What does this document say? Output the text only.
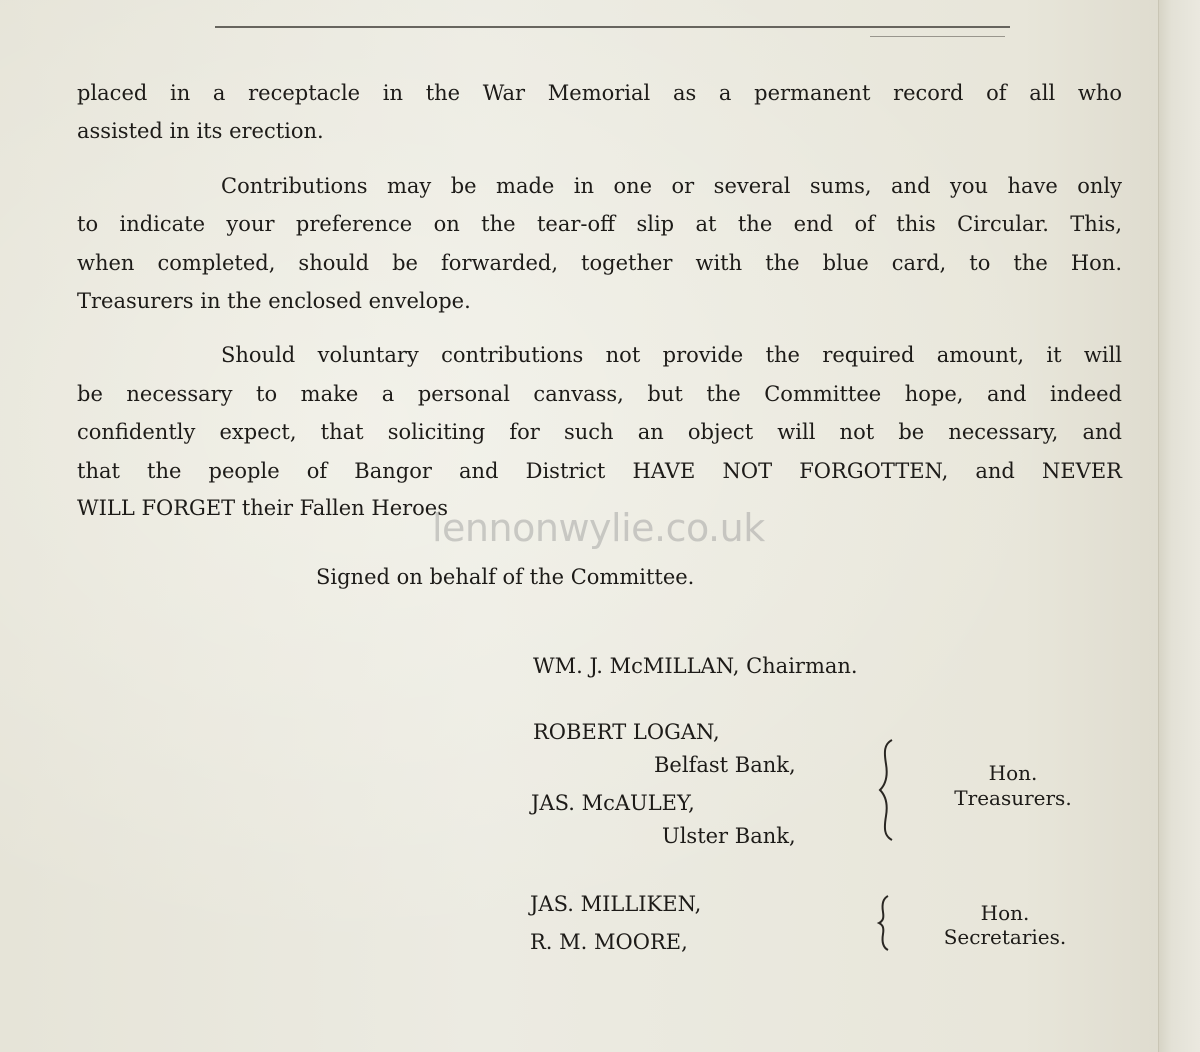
placed in a receptacle in the War Memorial as a permanent record of all who
assisted in its erection.
Contributions may be made in one or several sums, and you have only
to indicate your preference on the tear-off slip at the end of this Circular. This,
when completed, should be forwarded, together with the blue card, to the Hon.
Treasurers in the enclosed envelope.
Should voluntary contributions not provide the required amount, it will
be necessary to make a personal canvass, but the Committee hope, and indeed
confidently expect, that soliciting for such an object will not be necessary, and
that the people of Bangor and District HAVE NOT FORGOTTEN, and NEVER
WILL FORGET their Fallen Heroes
lennonwylie.co.uk
Signed on behalf of the Committee.
WM. J. McMILLAN, Chairman.
ROBERT LOGAN,
Belfast Bank,
JAS. McAULEY,
Ulster Bank,
Hon.
Treasurers.
JAS. MILLIKEN,
R. M. MOORE,
Hon.
Secretaries.
